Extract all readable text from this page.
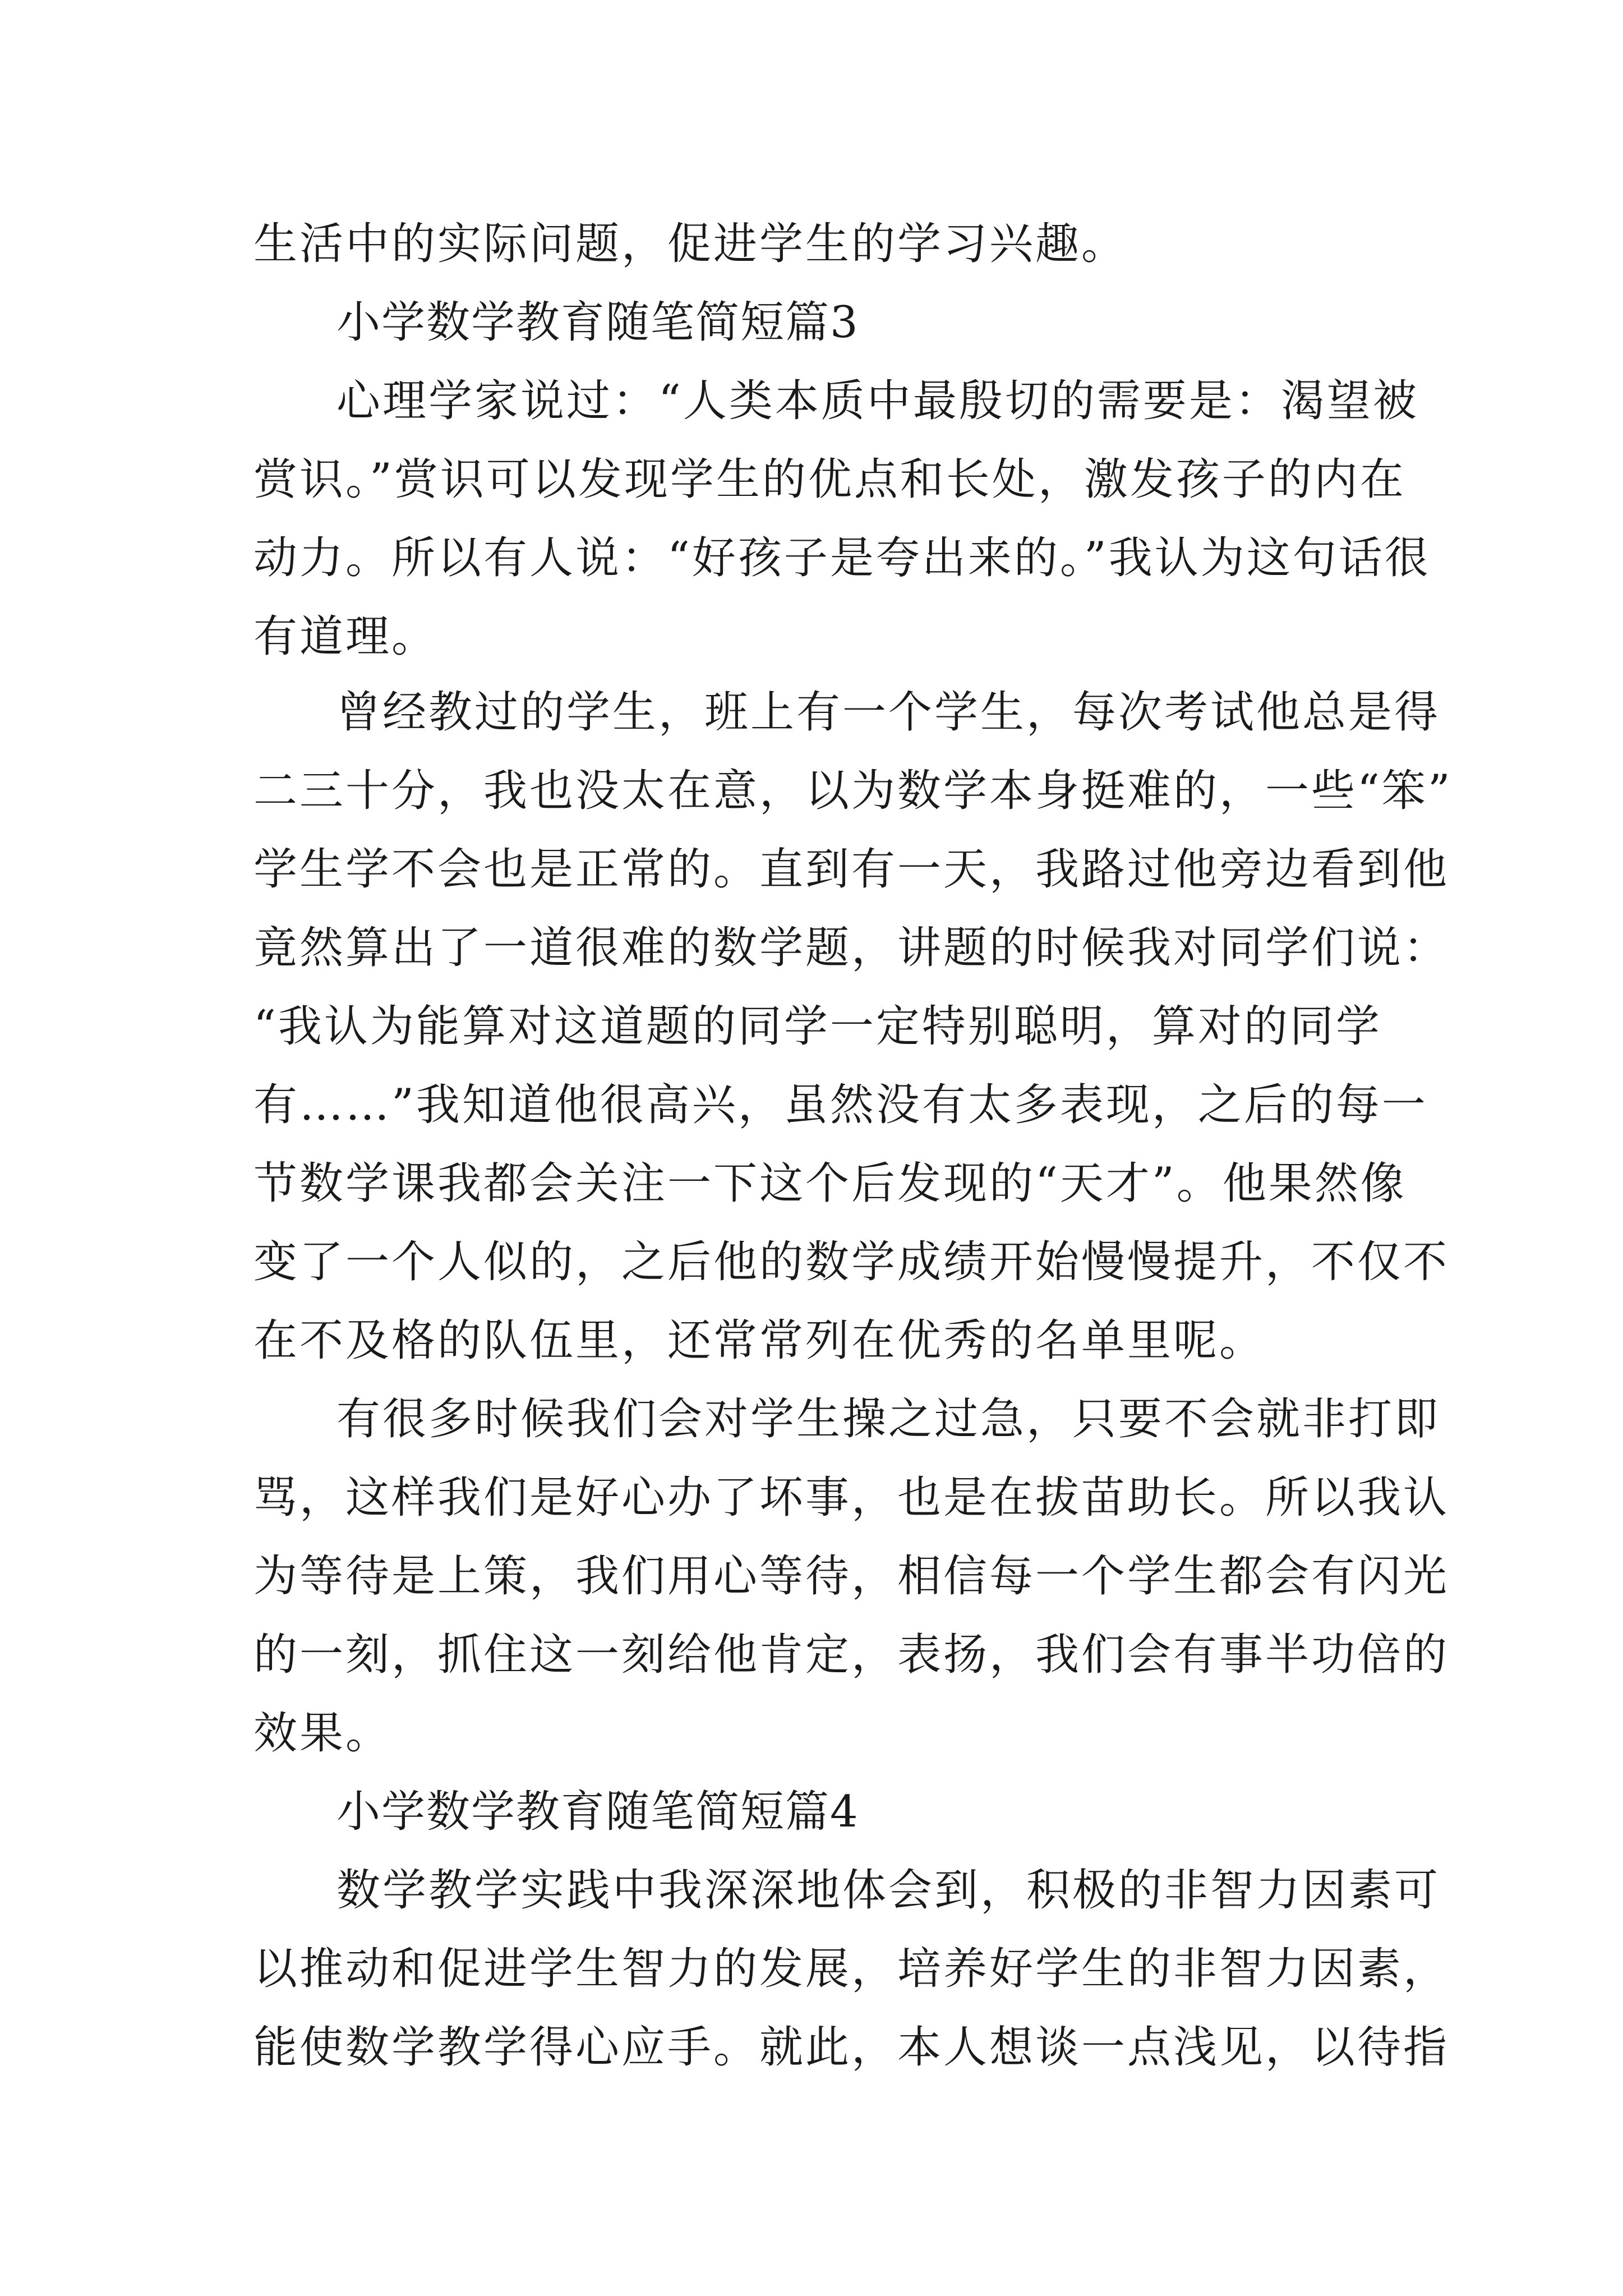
生活中的实际问题，促进学生的学习兴趣。
小学数学教育随笔简短篇3
心理学家说过：“人类本质中最殷切的需要是：渴望被
赏识。”赏识可以发现学生的优点和长处，激发孩子的内在
动力。所以有人说：“好孩子是夸出来的。”我认为这句话很
有道理。
曾经教过的学生，班上有一个学生，每次考试他总是得
二三十分，我也没太在意，以为数学本身挺难的，一些“笨”
学生学不会也是正常的。直到有一天，我路过他旁边看到他
竟然算出了一道很难的数学题，讲题的时候我对同学们说：
“我认为能算对这道题的同学一定特别聪明，算对的同学
有……”我知道他很高兴，虽然没有太多表现，之后的每一
节数学课我都会关注一下这个后发现的“天才”。他果然像
变了一个人似的，之后他的数学成绩开始慢慢提升，不仅不
在不及格的队伍里，还常常列在优秀的名单里呢。
有很多时候我们会对学生操之过急，只要不会就非打即
骂，这样我们是好心办了坏事，也是在拔苗助长。所以我认
为等待是上策，我们用心等待，相信每一个学生都会有闪光
的一刻，抓住这一刻给他肯定，表扬，我们会有事半功倍的
效果。
小学数学教育随笔简短篇4
数学教学实践中我深深地体会到，积极的非智力因素可
以推动和促进学生智力的发展，培养好学生的非智力因素，
能使数学教学得心应手。就此，本人想谈一点浅见，以待指
